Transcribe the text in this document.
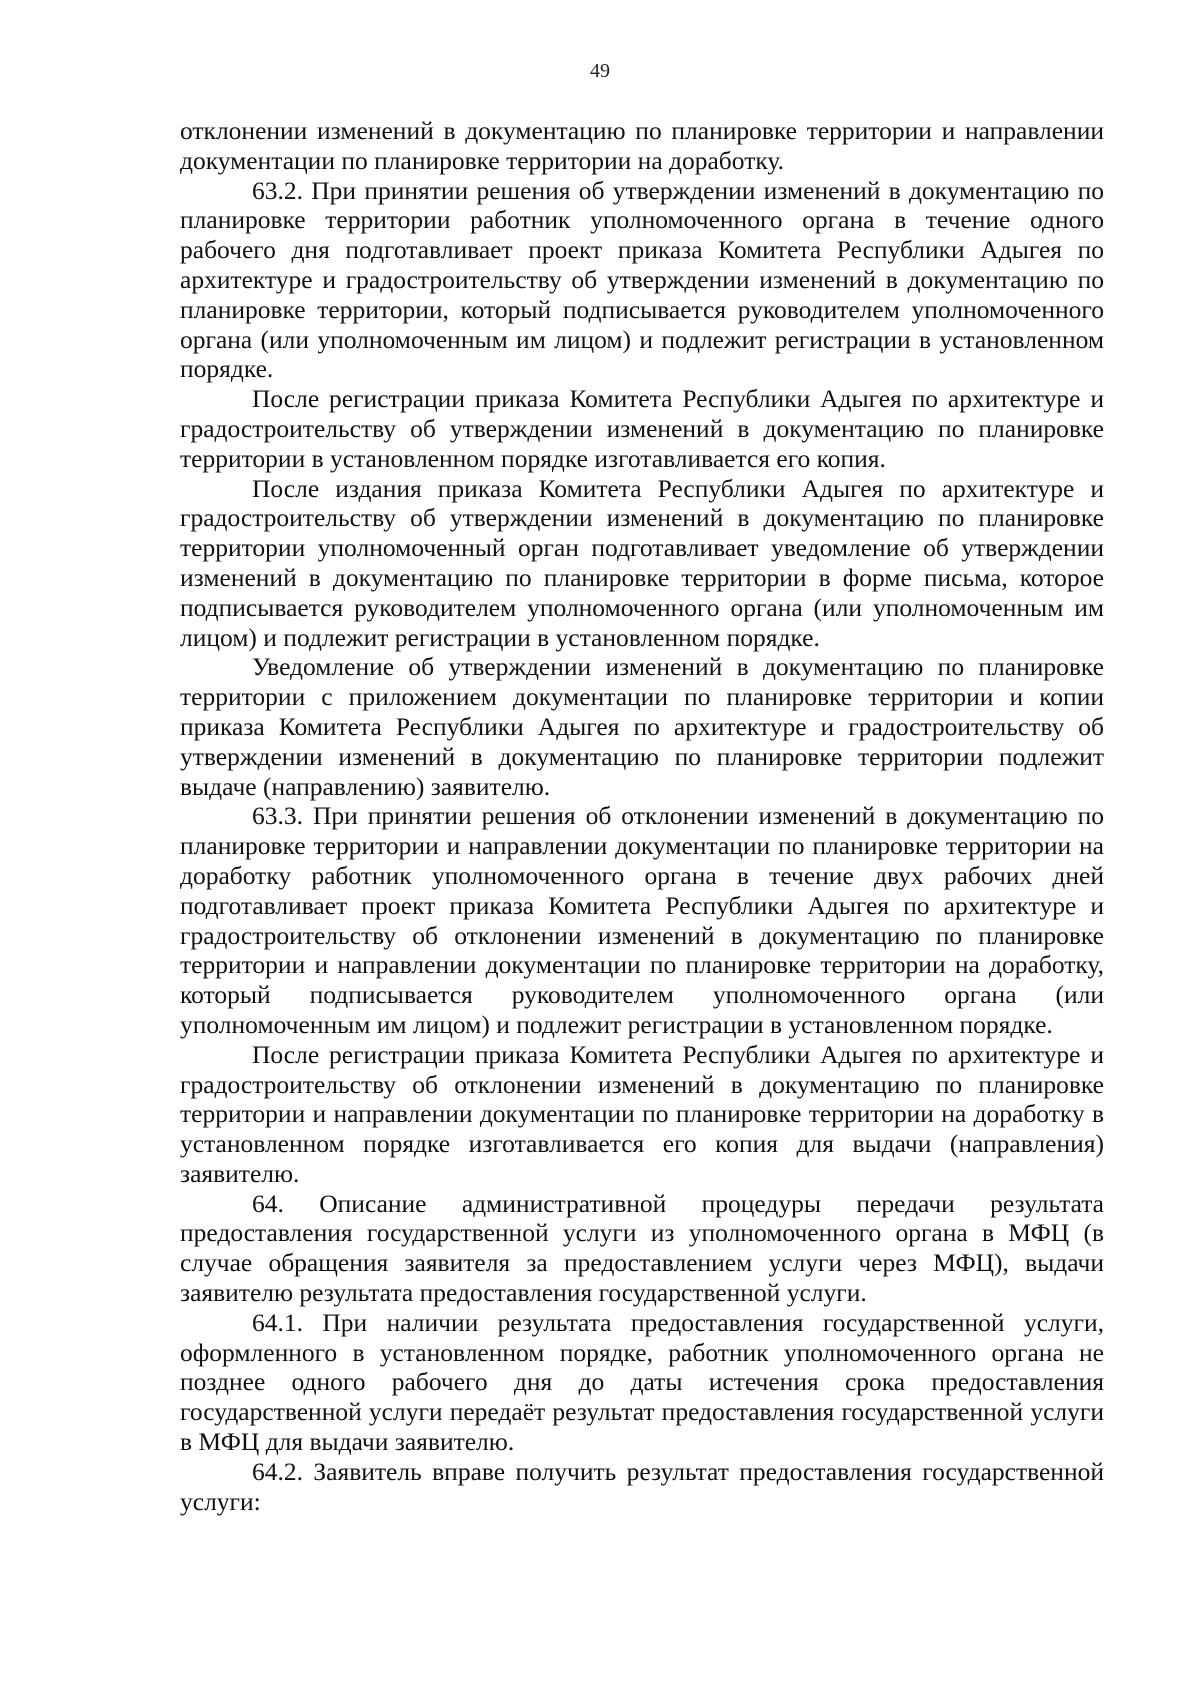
49

отклонении изменений в документацию по планировке территории и направлении документации по планировке территории на доработку.

63.2. При принятии решения об утверждении изменений в документацию по планировке территории работник уполномоченного органа в течение одного рабочего дня подготавливает проект приказа Комитета Республики Адыгея по архитектуре и градостроительству об утверждении изменений в документацию по планировке территории, который подписывается руководителем уполномоченного органа (или уполномоченным им лицом) и подлежит регистрации в установленном порядке.

После регистрации приказа Комитета Республики Адыгея по архитектуре и градостроительству об утверждении изменений в документацию по планировке территории в установленном порядке изготавливается его копия.

После издания приказа Комитета Республики Адыгея по архитектуре и градостроительству об утверждении изменений в документацию по планировке территории уполномоченный орган подготавливает уведомление об утверждении изменений в документацию по планировке территории в форме письма, которое подписывается руководителем уполномоченного органа (или уполномоченным им лицом) и подлежит регистрации в установленном порядке.

Уведомление об утверждении изменений в документацию по планировке территории с приложением документации по планировке территории и копии приказа Комитета Республики Адыгея по архитектуре и градостроительству об утверждении изменений в документацию по планировке территории подлежит выдаче (направлению) заявителю.

63.3. При принятии решения об отклонении изменений в документацию по планировке территории и направлении документации по планировке территории на доработку работник уполномоченного органа в течение двух рабочих дней подготавливает проект приказа Комитета Республики Адыгея по архитектуре и градостроительству об отклонении изменений в документацию по планировке территории и направлении документации по планировке территории на доработку, который подписывается руководителем уполномоченного органа (или уполномоченным им лицом) и подлежит регистрации в установленном порядке.

После регистрации приказа Комитета Республики Адыгея по архитектуре и градостроительству об отклонении изменений в документацию по планировке территории и направлении документации по планировке территории на доработку в установленном порядке изготавливается его копия для выдачи (направления) заявителю.

64. Описание административной процедуры передачи результата предоставления государственной услуги из уполномоченного органа в МФЦ (в случае обращения заявителя за предоставлением услуги через МФЦ), выдачи заявителю результата предоставления государственной услуги.

64.1. При наличии результата предоставления государственной услуги, оформленного в установленном порядке, работник уполномоченного органа не позднее одного рабочего дня до даты истечения срока предоставления государственной услуги передаёт результат предоставления государственной услуги в МФЦ для выдачи заявителю.

64.2. Заявитель вправе получить результат предоставления государственной услуги:
